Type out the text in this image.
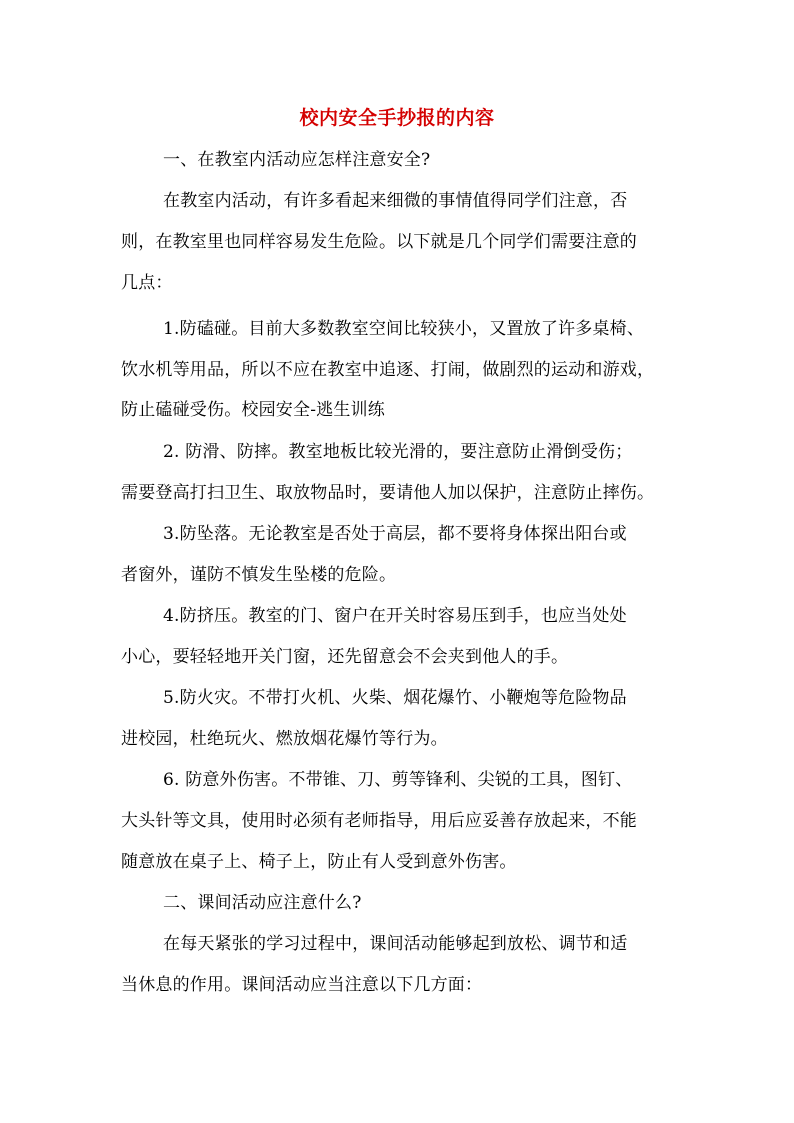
校内安全手抄报的内容
一、在教室内活动应怎样注意安全?
在教室内活动，有许多看起来细微的事情值得同学们注意，否
则，在教室里也同样容易发生危险。以下就是几个同学们需要注意的
几点：
1.防磕碰。目前大多数教室空间比较狭小，又置放了许多桌椅、
饮水机等用品，所以不应在教室中追逐、打闹，做剧烈的运动和游戏，
防止磕碰受伤。校园安全-逃生训练
2. 防滑、防摔。教室地板比较光滑的，要注意防止滑倒受伤；
需要登高打扫卫生、取放物品时，要请他人加以保护，注意防止摔伤。
3.防坠落。无论教室是否处于高层，都不要将身体探出阳台或
者窗外，谨防不慎发生坠楼的危险。
4.防挤压。教室的门、窗户在开关时容易压到手，也应当处处
小心，要轻轻地开关门窗，还先留意会不会夹到他人的手。
5.防火灾。不带打火机、火柴、烟花爆竹、小鞭炮等危险物品
进校园，杜绝玩火、燃放烟花爆竹等行为。
6. 防意外伤害。不带锥、刀、剪等锋利、尖锐的工具，图钉、
大头针等文具，使用时必须有老师指导，用后应妥善存放起来，不能
随意放在桌子上、椅子上，防止有人受到意外伤害。
二、课间活动应注意什么?
在每天紧张的学习过程中，课间活动能够起到放松、调节和适
当休息的作用。课间活动应当注意以下几方面：
